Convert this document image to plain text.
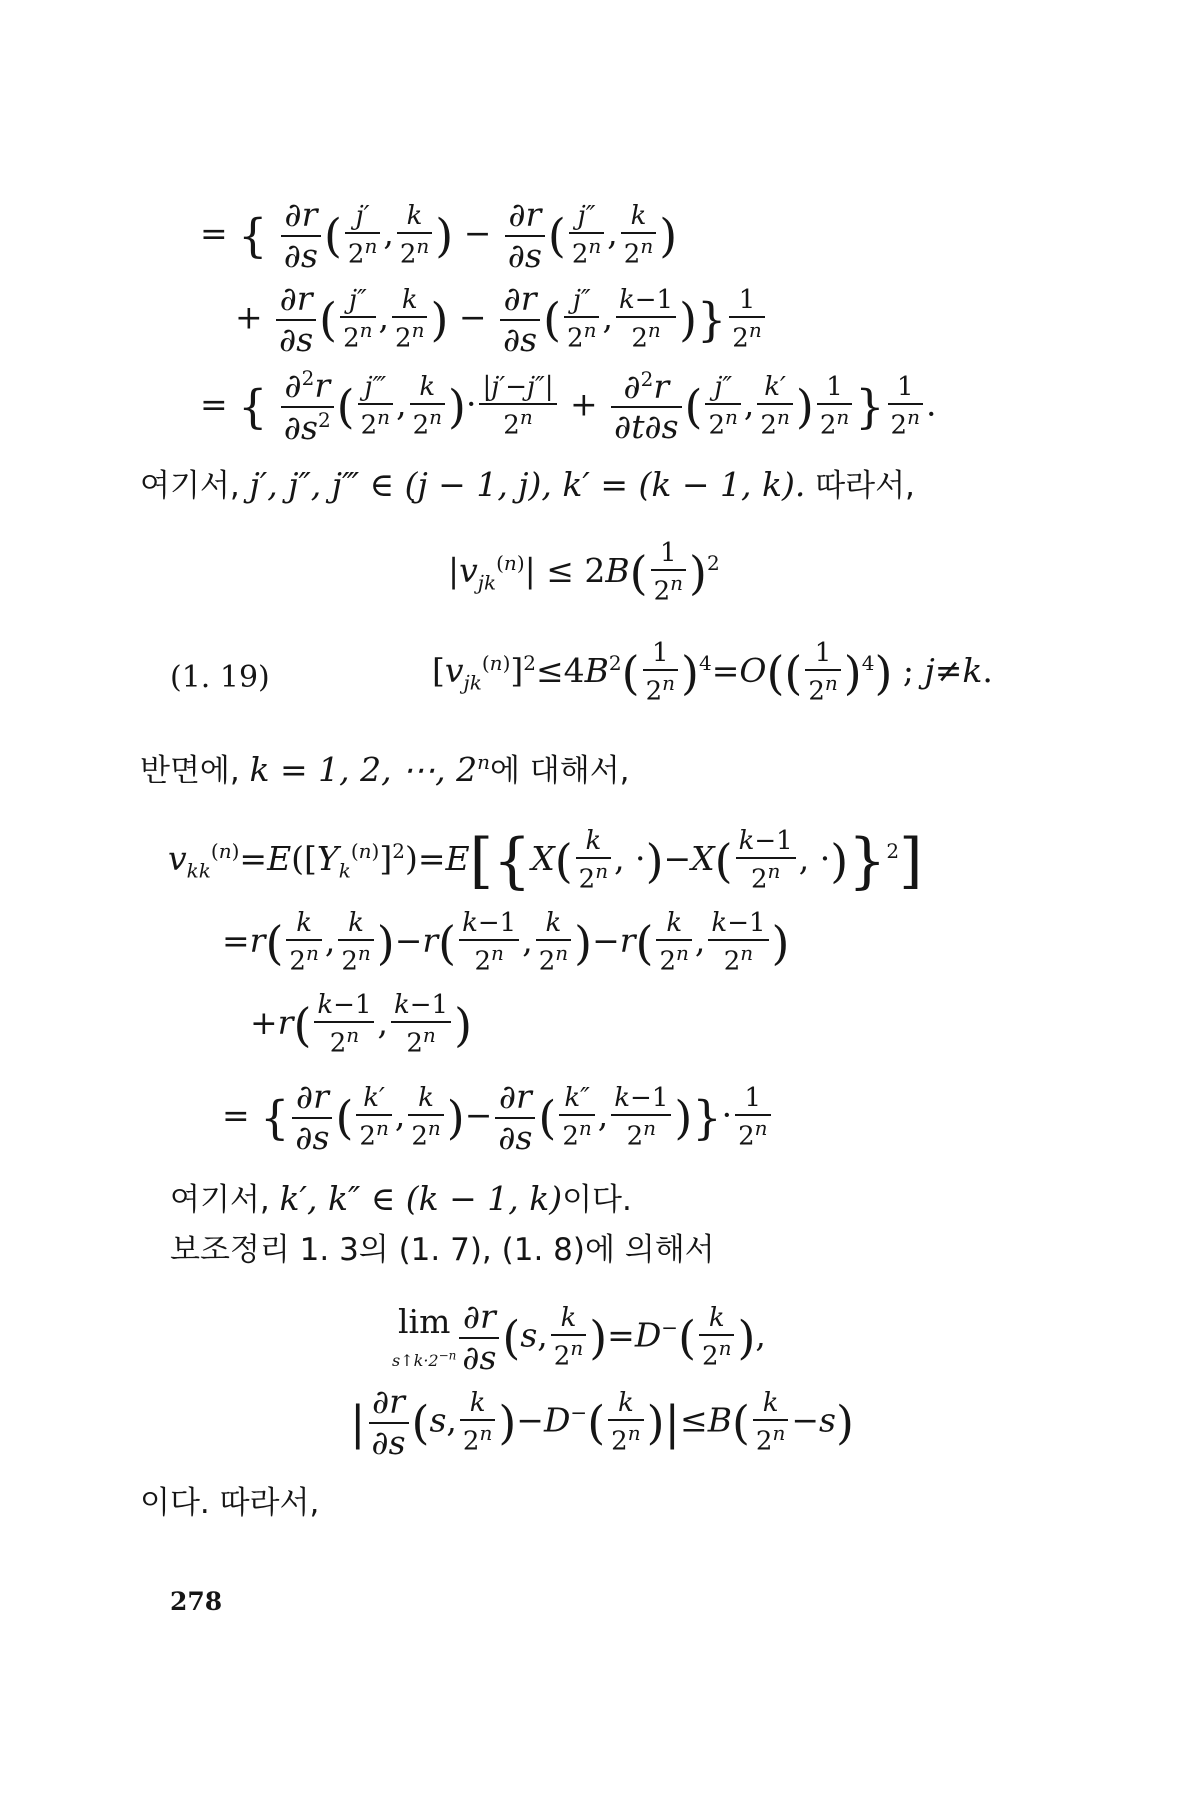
= { $\frac{\partial r}{\partial s}$ ( $\frac{j'}{2^n}$ , $\frac{k}{2^n}$ ) − $\frac{\partial r}{\partial s}$ ( $\frac{j''}{2^n}$ , $\frac{k}{2^n}$ )
+ $\frac{\partial r}{\partial s}$ ( $\frac{j''}{2^n}$ , $\frac{k}{2^n}$ ) − $\frac{\partial r}{\partial s}$ ( $\frac{j''}{2^n}$ , $\frac{k-1}{2^n}$ )} $\frac{1}{2^n}$
= { $\frac{\partial^2r}{\partial s^2}$ ( $\frac{j‴}{2^n}$ , $\frac{k}{2^n}$ )· $\frac{|j'-j''|}{2^n} + \frac{\partial^2r}{\partial t\partial s}$ ( $\frac{j''}{2^n}$ , $\frac{k'}{2^n}$ ) $\frac{1}{2^n}$ } $\frac{1}{2^n}$ .
여기서, j′, j″, j‴ ∈ (j − 1, j), k′ = (k − 1, k). 따라서,
$|v_{jk}^{(n)}| \le 2B( \frac{1}{2^n} )^2$
(1. 19)	$[v_{jk}^{(n)}]^2\le 4B^2( \frac{1}{2^n} )^4=O(( \frac{1}{2^n} )^4)$ ; j≠k.
반면에, k = 1, 2, ⋯, 2$^n$에 대해서,
$v_{kk}^{(n)}=E([Y_k^{(n)}]^2)=E[\{X( \frac{k}{2^n}$ , $\cdot)-X( \frac{k-1}{2^n}$ , ·)}$^2$]
$=r( \frac{k}{2^n}$ , $\frac{k}{2^n} )-r( \frac{k-1}{2^n}$ , $\frac{k}{2^n} )-r( \frac{k}{2^n}$ , $\frac{k-1}{2^n}$ )
$+r( \frac{k-1}{2^n}$ , $\frac{k-1}{2^n}$ )
= { $\frac{\partial r}{\partial s}$ ( $\frac{k'}{2^n}$ , $\frac{k}{2^n}$ )− $\frac{\partial r}{\partial s}$ ( $\frac{k''}{2^n}$ , $\frac{k-1}{2^n}$ )}· $\frac{1}{2^n}$
여기서, k′, k″ ∈ (k − 1, k)이다.
보조정리 1. 3의 (1. 7), (1. 8)에 의해서
lim
$s↑k\cdot 2^{-n} \frac{\partial r}{\partial s} (s$, $\frac{k}{2^n} )=D^-( \frac{k}{2^n}$ ),
| $\frac{\partial r}{\partial s} (s$, $\frac{k}{2^n} )-D^-( \frac{k}{2^n} )|\le B( \frac{k}{2^n} -s)$
이다. 따라서,
278
